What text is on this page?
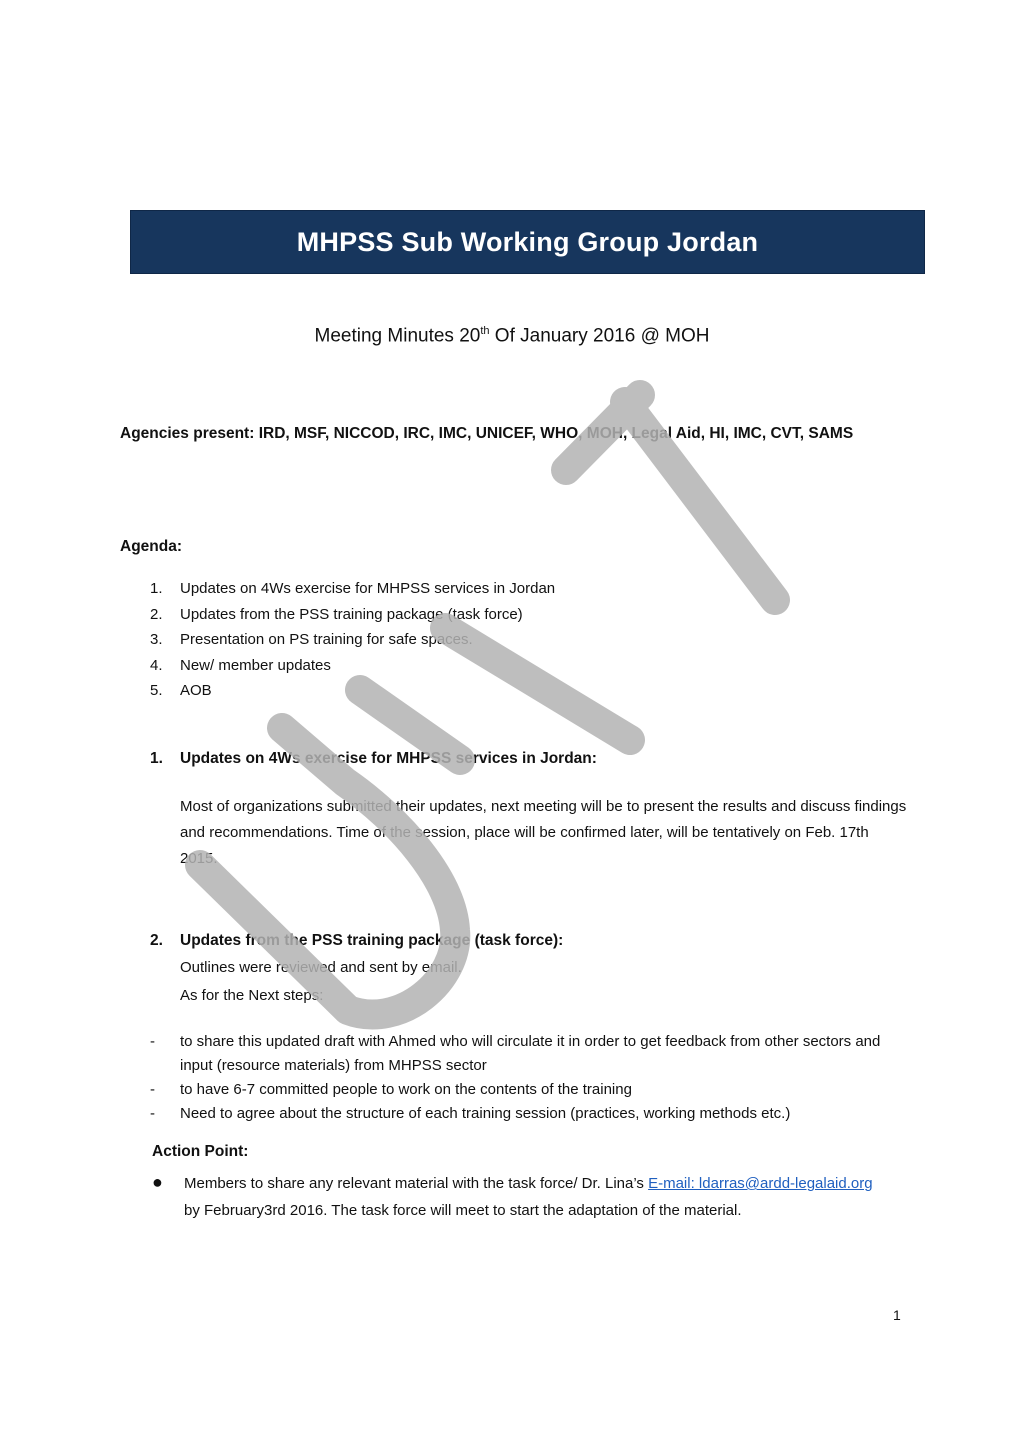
MHPSS Sub Working Group Jordan
Meeting Minutes 20th Of January 2016 @ MOH
Agencies present: IRD, MSF, NICCOD, IRC, IMC, UNICEF, WHO, MOH, Legal Aid, HI, IMC, CVT, SAMS
Agenda:
1.	Updates on 4Ws exercise for MHPSS services in Jordan
2.	Updates from the PSS training package (task force)
3.	Presentation on PS training for safe spaces.
4.	New/ member updates
5.	AOB
1.	Updates on 4Ws exercise for MHPSS services in Jordan:
Most of organizations submitted their updates, next meeting will be to present the results and discuss findings and recommendations. Time of the session, place will be confirmed later, will be tentatively on Feb. 17th 2015.
2.	Updates from the PSS training package (task force):
Outlines were reviewed and sent by email.
As for the Next steps:
-	to share this updated draft with Ahmed who will circulate it in order to get feedback from other sectors and input (resource materials) from MHPSS sector
-	to have 6-7 committed people to work on the contents of the training
-	Need to agree about the structure of each training session (practices, working methods etc.)
Action Point:
●	Members to share any relevant material with the task force/ Dr. Lina’s E-mail: ldarras@ardd-legalaid.org by February3rd 2016. The task force will meet to start the adaptation of the material.
1
